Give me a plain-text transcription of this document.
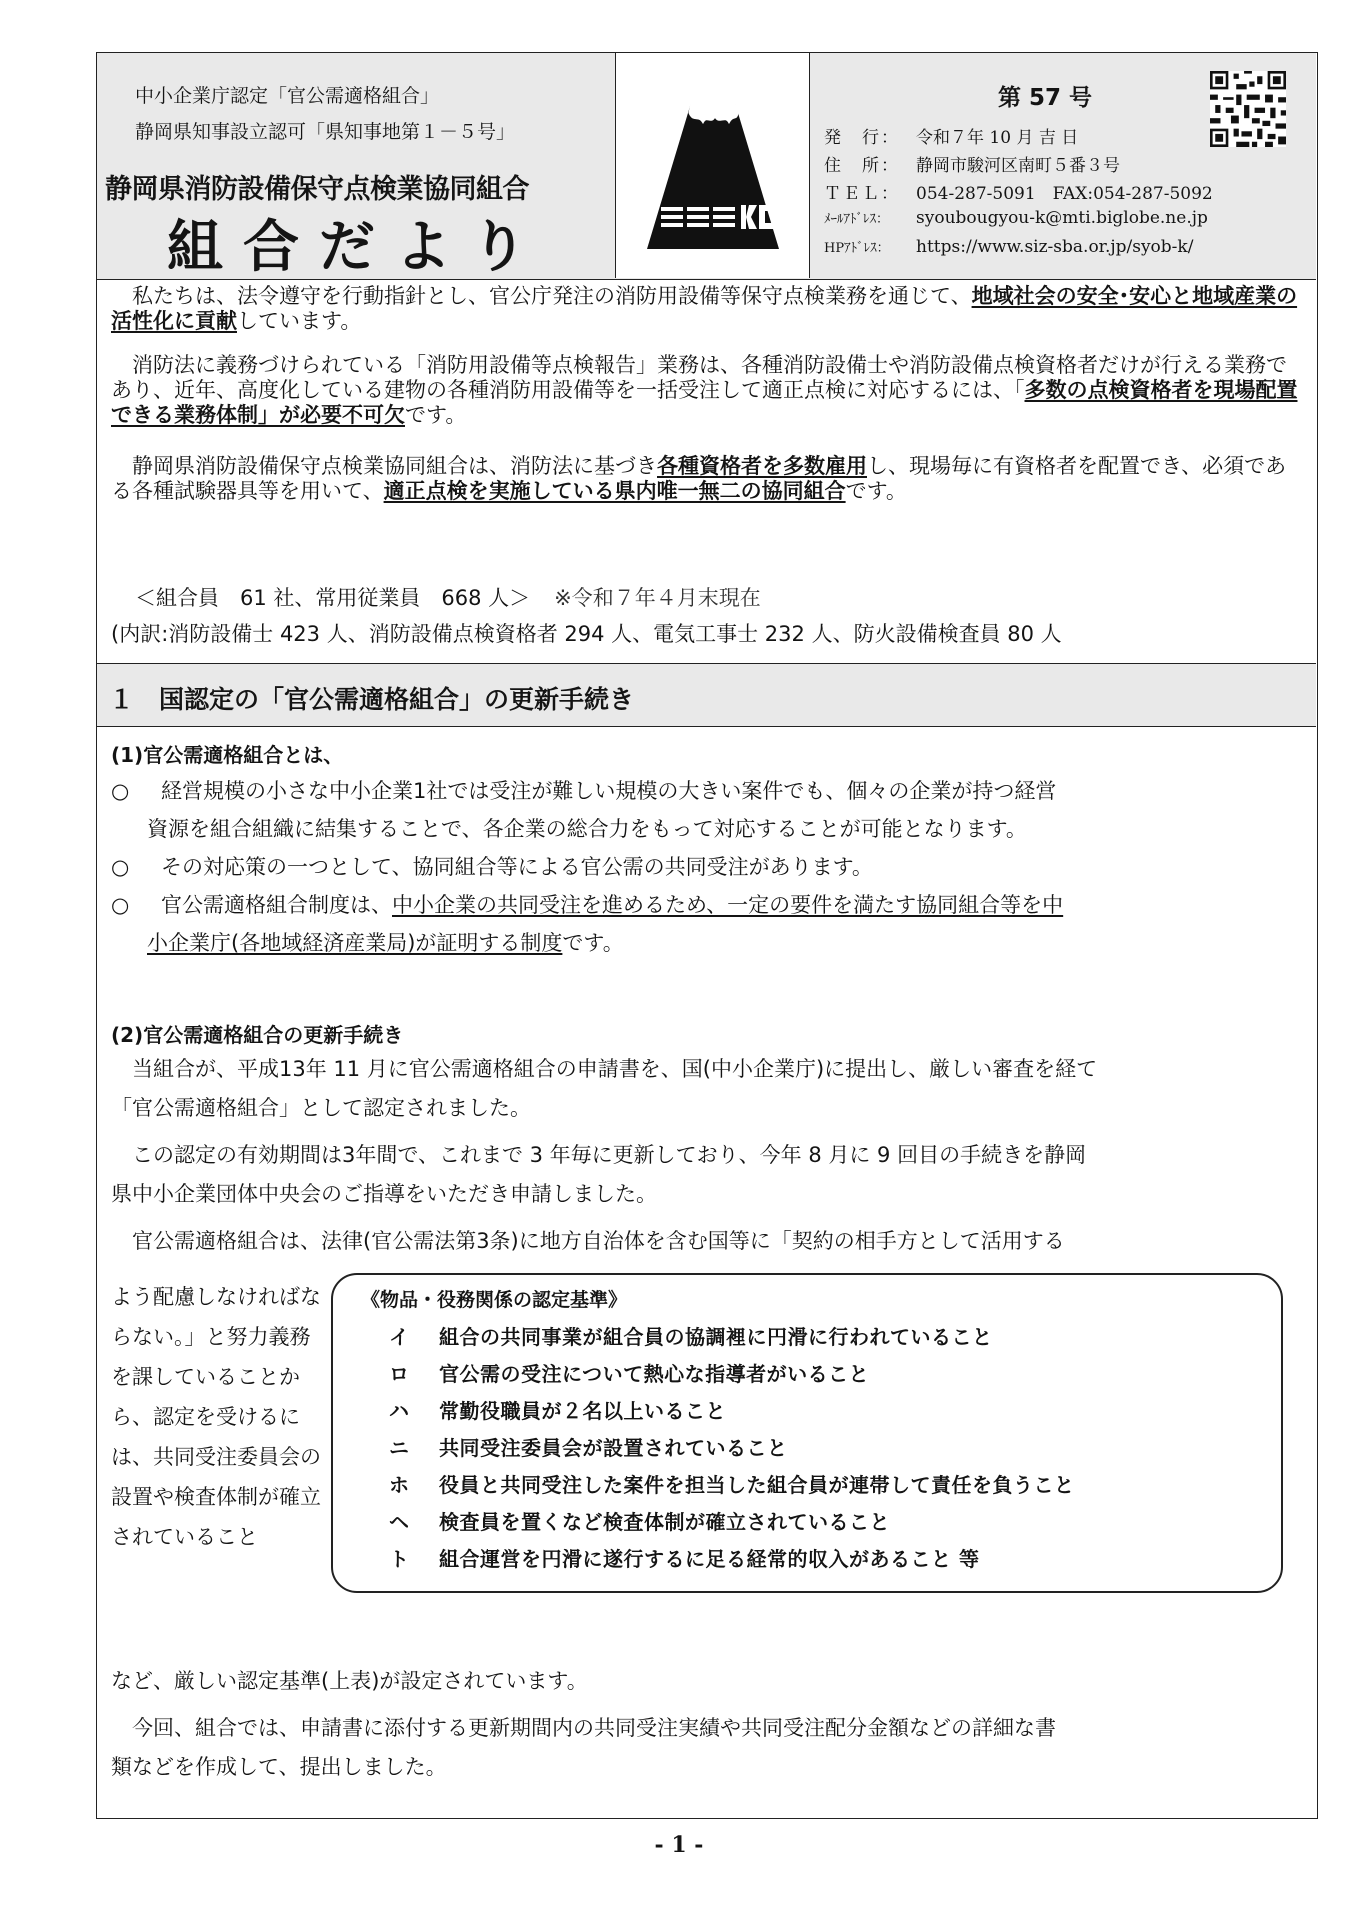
中小企業庁認定「官公需適格組合」
静岡県知事設立認可「県知事地第１－５号」
静岡県消防設備保守点検業協同組合
組合だより
第 57 号
発　行： 令和７年 10 月 吉 日
住　所： 静岡市駿河区南町５番３号
ＴＥＬ： 054-287-5091　FAX:054-287-5092
ﾒｰﾙｱﾄﾞﾚｽ： syoubougyou-k@mti.biglobe.ne.jp
HPｱﾄﾞﾚｽ： https://www.siz-sba.or.jp/syob-k/
　私たちは、法令遵守を行動指針とし、官公庁発注の消防用設備等保守点検業務を通じて、地域社会の安全･安心と地域産業の活性化に貢献しています。
　消防法に義務づけられている「消防用設備等点検報告」業務は、各種消防設備士や消防設備点検資格者だけが行える業務であり、近年、高度化している建物の各種消防用設備等を一括受注して適正点検に対応するには、「多数の点検資格者を現場配置できる業務体制」が必要不可欠です。
　静岡県消防設備保守点検業協同組合は、消防法に基づき各種資格者を多数雇用し、現場毎に有資格者を配置でき、必須である各種試験器具等を用いて、適正点検を実施している県内唯一無二の協同組合です。
＜組合員　61 社、常用従業員　668 人＞ ※令和７年４月末現在
(内訳:消防設備士 423 人、消防設備点検資格者 294 人、電気工事士 232 人、防火設備検査員 80 人
１　国認定の「官公需適格組合」の更新手続き
(1)官公需適格組合とは、
○ 経営規模の小さな中小企業1社では受注が難しい規模の大きい案件でも、個々の企業が持つ経営
資源を組合組織に結集することで、各企業の総合力をもって対応することが可能となります。
○ その対応策の一つとして、協同組合等による官公需の共同受注があります。
○ 官公需適格組合制度は、中小企業の共同受注を進めるため、一定の要件を満たす協同組合等を中
小企業庁(各地域経済産業局)が証明する制度です。
(2)官公需適格組合の更新手続き
　当組合が、平成13年 11 月に官公需適格組合の申請書を、国(中小企業庁)に提出し、厳しい審査を経て
「官公需適格組合」として認定されました。
　この認定の有効期間は3年間で、これまで 3 年毎に更新しており、今年 8 月に 9 回目の手続きを静岡
県中小企業団体中央会のご指導をいただき申請しました。
　官公需適格組合は、法律(官公需法第3条)に地方自治体を含む国等に「契約の相手方として活用する
よう配慮しなければならない。」と努力義務を課していることから、認定を受けるには、共同受注委員会の設置や検査体制が確立されていること
《物品・役務関係の認定基準》
イ 組合の共同事業が組合員の協調裡に円滑に行われていること
ロ 官公需の受注について熱心な指導者がいること
ハ 常勤役職員が２名以上いること
ニ 共同受注委員会が設置されていること
ホ 役員と共同受注した案件を担当した組合員が連帯して責任を負うこと
ヘ 検査員を置くなど検査体制が確立されていること
ト 組合運営を円滑に遂行するに足る経常的収入があること 等
など、厳しい認定基準(上表)が設定されています。
　今回、組合では、申請書に添付する更新期間内の共同受注実績や共同受注配分金額などの詳細な書
類などを作成して、提出しました。
- 1 -
